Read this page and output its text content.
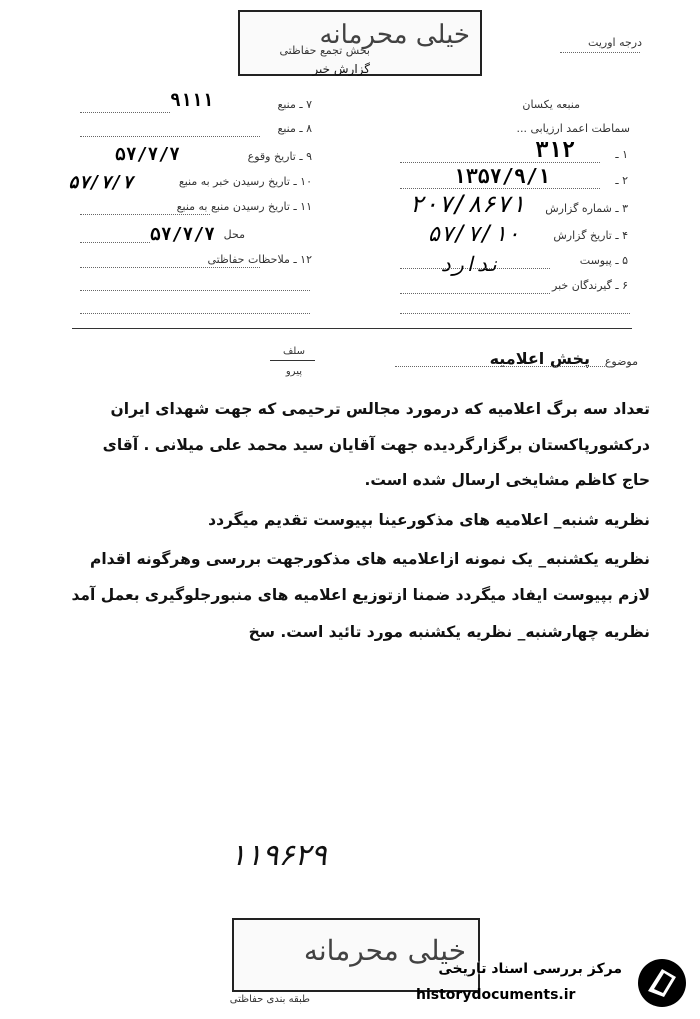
خیلی محرمانه
بخش تجمع حفاظتی
گزارش خبر
درجه اوریت
منبعه یکسان
سماطت اعمد ارزیابی ...
۱ ـ
۳۱۲
۲ ـ
۱۳۵۷/۹/۱
۳ ـ شماره گزارش
۲۰۷/۸۶۷۱
۴ ـ تاریخ گزارش
۵۷/۷/۱۰
۵ ـ پیوست
ندارد
۶ ـ گیرندگان خبر
۷ ـ منبع
۹۱۱۱
۸ ـ منبع
۹ ـ تاریخ وقوع
۵۷/۷/۷
۱۰ ـ تاریخ رسیدن خبر به منبع
۵۷/۷/۷
۱۱ ـ تاریخ رسیدن منبع به منبع
محل
۵۷/۷/۷
۱۲ ـ ملاحظات حفاظتی
موضوع
پخش اعلامیه
سلف
پیرو
تعداد سه برگ اعلامیه که درمورد مجالس ترحیمی که جهت شهدای ایران
درکشورپاکستان برگزارگردیده جهت آقایان سید محمد علی میلانی . آقای
حاج کاظم مشایخی ارسال شده است.
نظریه شنبه_ اعلامیه های مذکورعینا بپیوست تقدیم میگردد
نظریه یکشنبه_ یک نمونه ازاعلامیه های مذکورجهت بررسی وهرگونه اقدام
لازم بپیوست ایفاد میگردد ضمنا ازتوزیع اعلامیه های منبورجلوگیری بعمل آمد
نظریه چهارشنبه_ نظریه یکشنبه مورد تائید است. سخ
۱۱۹۶۲۹
خیلی محرمانه
طبقه بندی حفاظتی
مرکز بررسی اسناد تاریخی
historydocuments.ir
